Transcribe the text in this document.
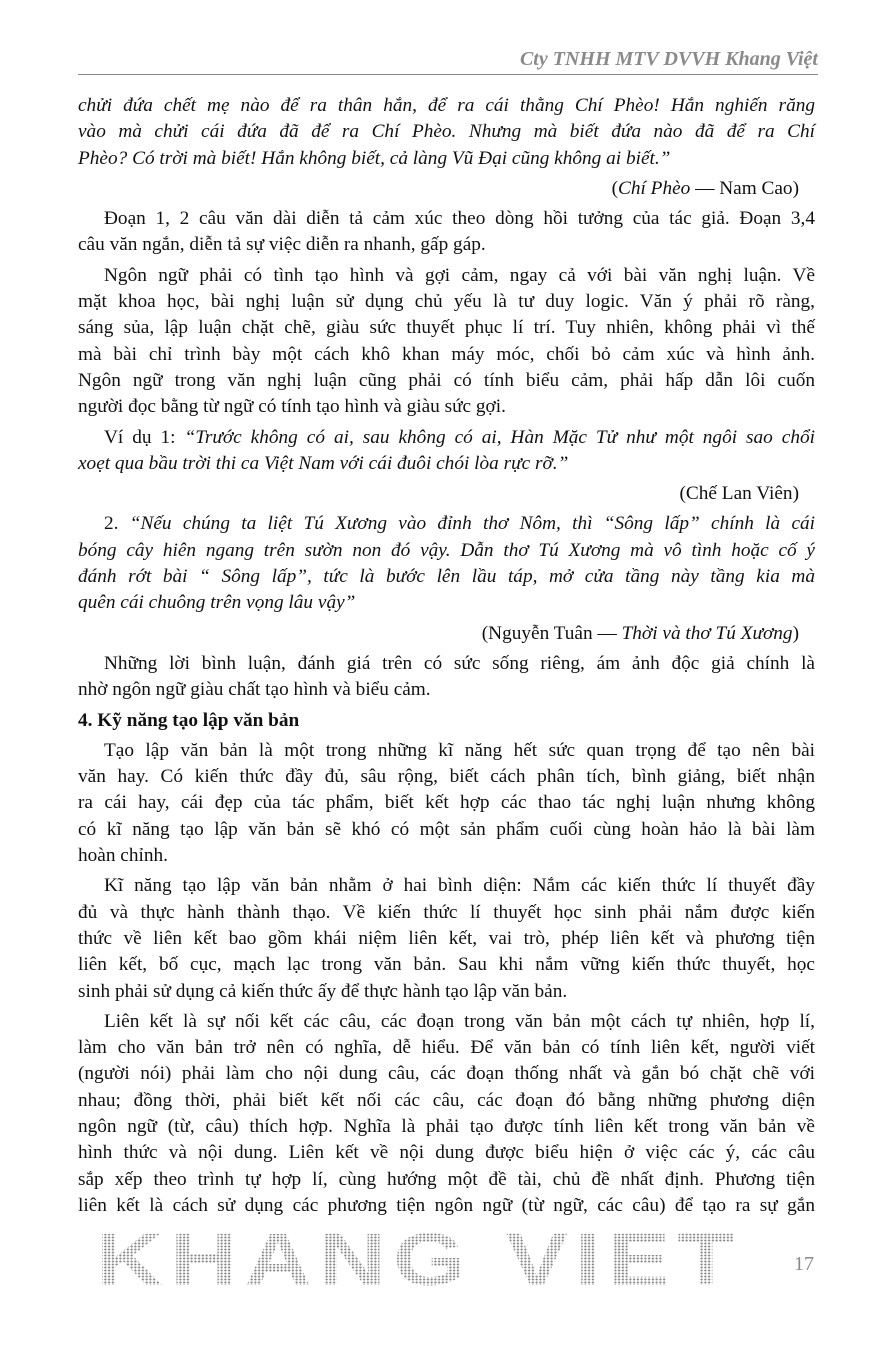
Cty TNHH MTV DVVH Khang Việt
chửi đứa chết mẹ nào để ra thân hắn, để ra cái thằng Chí Phèo! Hắn nghiến răng
vào mà chửi cái đứa đã để ra Chí Phèo. Nhưng mà biết đứa nào đã để ra Chí
Phèo? Có trời mà biết! Hắn không biết, cả làng Vũ Đại cũng không ai biết.”
(Chí Phèo — Nam Cao)
Đoạn 1, 2 câu văn dài diễn tả cảm xúc theo dòng hồi tưởng của tác giả. Đoạn 3,4
câu văn ngắn, diễn tả sự việc diễn ra nhanh, gấp gáp.
Ngôn ngữ phải có tình tạo hình và gợi cảm, ngay cả với bài văn nghị luận. Về
mặt khoa học, bài nghị luận sử dụng chủ yếu là tư duy logic. Văn ý phải rõ ràng,
sáng sủa, lập luận chặt chẽ, giàu sức thuyết phục lí trí. Tuy nhiên, không phải vì thế
mà bài chỉ trình bày một cách khô khan máy móc, chối bỏ cảm xúc và hình ảnh.
Ngôn ngữ trong văn nghị luận cũng phải có tính biểu cảm, phải hấp dẫn lôi cuốn
người đọc bằng từ ngữ có tính tạo hình và giàu sức gợi.
Ví dụ 1: “Trước không có ai, sau không có ai, Hàn Mặc Tử như một ngôi sao chổi
xoẹt qua bầu trời thi ca Việt Nam với cái đuôi chói lòa rực rỡ.”
(Chế Lan Viên)
2. “Nếu chúng ta liệt Tú Xương vào đỉnh thơ Nôm, thì “Sông lấp” chính là cái
bóng cây hiên ngang trên sườn non đó vậy. Dẫn thơ Tú Xương mà vô tình hoặc cố ý
đánh rớt bài “ Sông lấp”, tức là bước lên lầu táp, mở cửa tầng này tầng kia mà
quên cái chuông trên vọng lâu vậy”
(Nguyễn Tuân — Thời và thơ Tú Xương)
Những lời bình luận, đánh giá trên có sức sống riêng, ám ảnh độc giả chính là
nhờ ngôn ngữ giàu chất tạo hình và biểu cảm.
4. Kỹ năng tạo lập văn bản
Tạo lập văn bản là một trong những kĩ năng hết sức quan trọng để tạo nên bài
văn hay. Có kiến thức đầy đủ, sâu rộng, biết cách phân tích, bình giảng, biết nhận
ra cái hay, cái đẹp của tác phẩm, biết kết hợp các thao tác nghị luận nhưng không
có kĩ năng tạo lập văn bản sẽ khó có một sản phẩm cuối cùng hoàn hảo là bài làm
hoàn chỉnh.
Kĩ năng tạo lập văn bản nhằm ở hai bình diện: Nắm các kiến thức lí thuyết đầy
đủ và thực hành thành thạo. Về kiến thức lí thuyết học sinh phải nắm được kiến
thức về liên kết bao gồm khái niệm liên kết, vai trò, phép liên kết và phương tiện
liên kết, bố cục, mạch lạc trong văn bản. Sau khi nắm vững kiến thức thuyết, học
sinh phải sử dụng cả kiến thức ấy để thực hành tạo lập văn bản.
Liên kết là sự nối kết các câu, các đoạn trong văn bản một cách tự nhiên, hợp lí,
làm cho văn bản trở nên có nghĩa, dễ hiểu. Để văn bản có tính liên kết, người viết
(người nói) phải làm cho nội dung câu, các đoạn thống nhất và gắn bó chặt chẽ với
nhau; đồng thời, phải biết kết nối các câu, các đoạn đó bằng những phương diện
ngôn ngữ (từ, câu) thích hợp. Nghĩa là phải tạo được tính liên kết trong văn bản về
hình thức và nội dung. Liên kết về nội dung được biểu hiện ở việc các ý, các câu
sắp xếp theo trình tự hợp lí, cùng hướng một đề tài, chủ đề nhất định. Phương tiện
liên kết là cách sử dụng các phương tiện ngôn ngữ (từ ngữ, các câu) để tạo ra sự gắn
KHANG VIET	17
